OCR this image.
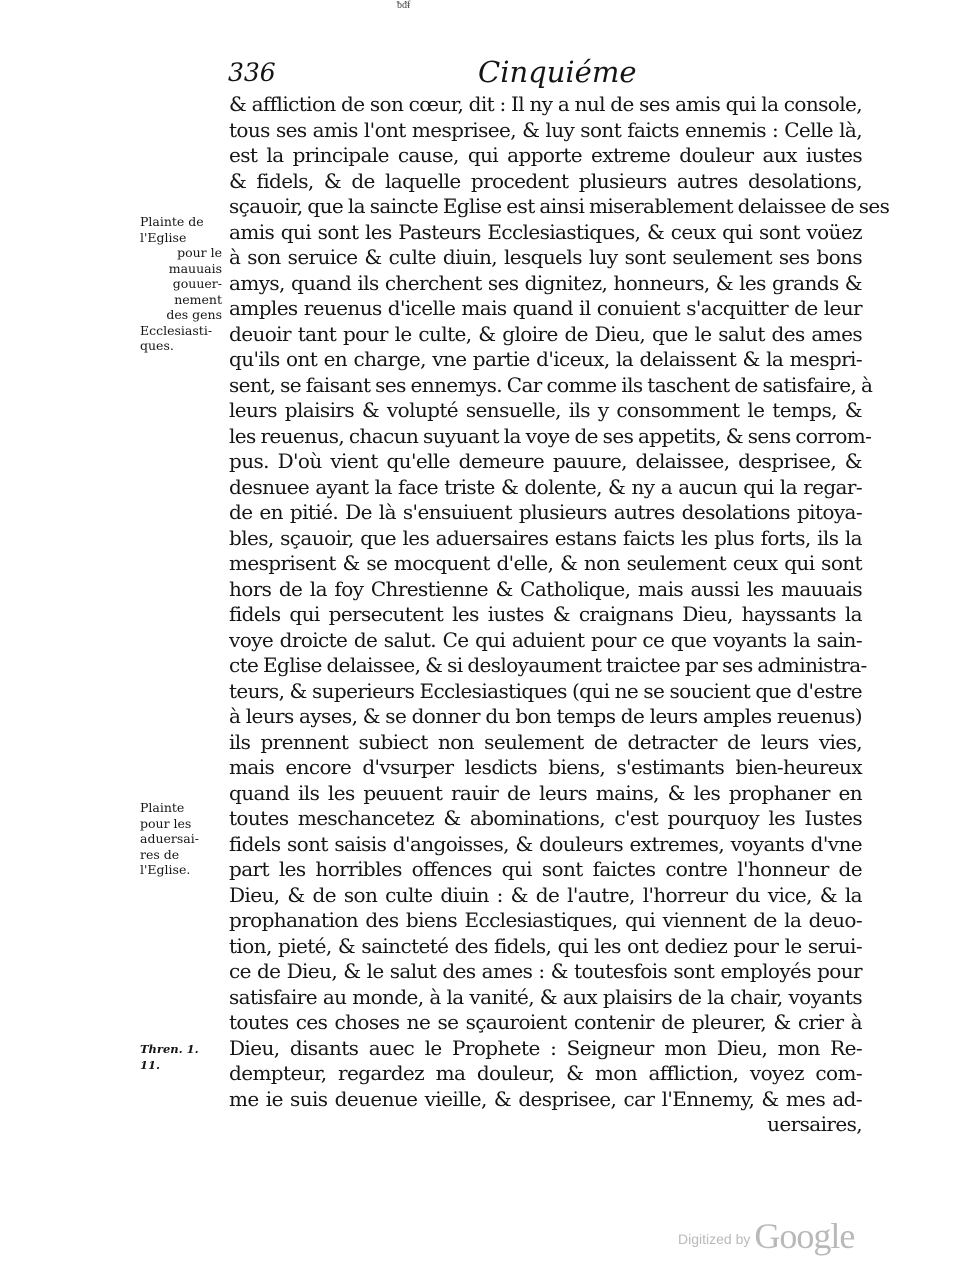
ᵬᵭᵮ
336	Cinquiéme
& affliction de son cœur, dit : Il ny a nul de ses amis qui la console,
tous ses amis l'ont mesprisee, & luy sont faicts ennemis : Celle là,
est la principale cause, qui apporte extreme douleur aux iustes
& fidels, & de laquelle procedent plusieurs autres desolations,
sçauoir, que la saincte Eglise est ainsi miserablement delaissee de ses
amis qui sont les Pasteurs Ecclesiastiques, & ceux qui sont voüez
à son seruice & culte diuin, lesquels luy sont seulement ses bons
amys, quand ils cherchent ses dignitez, honneurs, & les grands &
amples reuenus d'icelle mais quand il conuient s'acquitter de leur
deuoir tant pour le culte, & gloire de Dieu, que le salut des ames
qu'ils ont en charge, vne partie d'iceux, la delaissent & la mespri-
sent, se faisant ses ennemys. Car comme ils taschent de satisfaire, à
leurs plaisirs & volupté sensuelle, ils y consomment le temps, &
les reuenus, chacun suyuant la voye de ses appetits, & sens corrom-
pus. D'où vient qu'elle demeure pauure, delaissee, desprisee, &
desnuee ayant la face triste & dolente, & ny a aucun qui la regar-
de en pitié. De là s'ensuiuent plusieurs autres desolations pitoya-
bles, sçauoir, que les aduersaires estans faicts les plus forts, ils la
mesprisent & se mocquent d'elle, & non seulement ceux qui sont
hors de la foy Chrestienne & Catholique, mais aussi les mauuais
fidels qui persecutent les iustes & craignans Dieu, hayssants la
voye droicte de salut. Ce qui aduient pour ce que voyants la sain-
cte Eglise delaissee, & si desloyaument traictee par ses administra-
teurs, & superieurs Ecclesiastiques (qui ne se soucient que d'estre
à leurs ayses, & se donner du bon temps de leurs amples reuenus)
ils prennent subiect non seulement de detracter de leurs vies,
mais encore d'vsurper lesdicts biens, s'estimants bien-heureux
quand ils les peuuent rauir de leurs mains, & les prophaner en
toutes meschancetez & abominations, c'est pourquoy les Iustes
fidels sont saisis d'angoisses, & douleurs extremes, voyants d'vne
part les horribles offences qui sont faictes contre l'honneur de
Dieu, & de son culte diuin : & de l'autre, l'horreur du vice, & la
prophanation des biens Ecclesiastiques, qui viennent de la deuo-
tion, pieté, & saincteté des fidels, qui les ont dediez pour le serui-
ce de Dieu, & le salut des ames : & toutesfois sont employés pour
satisfaire au monde, à la vanité, & aux plaisirs de la chair, voyants
toutes ces choses ne se sçauroient contenir de pleurer, & crier à
Dieu, disants auec le Prophete : Seigneur mon Dieu, mon Re-
dempteur, regardez ma douleur, & mon affliction, voyez com-
me ie suis deuenue vieille, & desprisee, car l'Ennemy, & mes ad-
uersaires,
Plainte de
l'Eglise
pour le
mauuais
gouuer-
nement
des gens
Ecclesiasti-
ques.
Plainte
pour les
aduersai-
res de
l'Eglise.
Thren. 1.
11.
Digitized by Google
